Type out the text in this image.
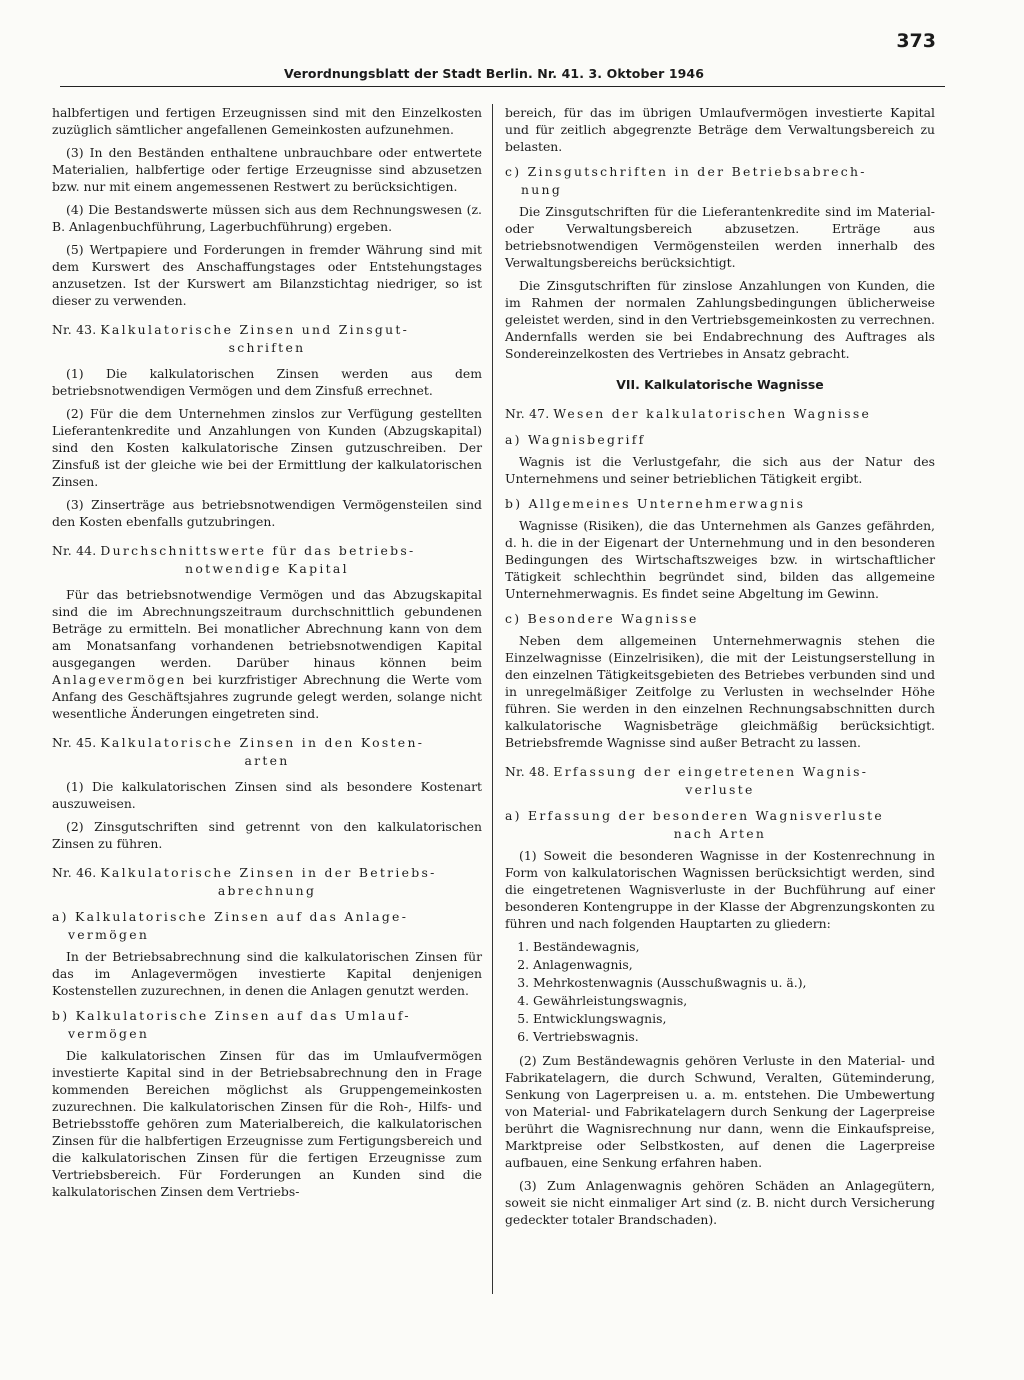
373
Verordnungsblatt der Stadt Berlin. Nr. 41. 3. Oktober 1946

halbfertigen und fertigen Erzeugnissen sind mit den Einzelkosten zuzüglich sämtlicher angefallenen Gemeinkosten aufzunehmen.

(3) In den Beständen enthaltene unbrauchbare oder entwertete Materialien, halbfertige oder fertige Erzeugnisse sind abzusetzen bzw. nur mit einem angemessenen Restwert zu berücksichtigen.

(4) Die Bestandswerte müssen sich aus dem Rechnungswesen (z. B. Anlagenbuchführung, Lagerbuchführung) ergeben.

(5) Wertpapiere und Forderungen in fremder Währung sind mit dem Kurswert des Anschaffungstages oder Entstehungstages anzusetzen. Ist der Kurswert am Bilanzstichtag niedriger, so ist dieser zu verwenden.

Nr. 43. Kalkulatorische Zinsen und Zinsgut-
schriften

(1) Die kalkulatorischen Zinsen werden aus dem betriebsnotwendigen Vermögen und dem Zinsfuß errechnet.

(2) Für die dem Unternehmen zinslos zur Verfügung gestellten Lieferantenkredite und Anzahlungen von Kunden (Abzugskapital) sind den Kosten kalkulatorische Zinsen gutzuschreiben. Der Zinsfuß ist der gleiche wie bei der Ermittlung der kalkulatorischen Zinsen.

(3) Zinserträge aus betriebsnotwendigen Vermögensteilen sind den Kosten ebenfalls gutzubringen.

Nr. 44. Durchschnittswerte für das betriebs-
notwendige Kapital

Für das betriebsnotwendige Vermögen und das Abzugskapital sind die im Abrechnungszeitraum durchschnittlich gebundenen Beträge zu ermitteln. Bei monatlicher Abrechnung kann von dem am Monatsanfang vorhandenen betriebsnotwendigen Kapital ausgegangen werden. Darüber hinaus können beim Anlagevermögen bei kurzfristiger Abrechnung die Werte vom Anfang des Geschäftsjahres zugrunde gelegt werden, solange nicht wesentliche Änderungen eingetreten sind.

Nr. 45. Kalkulatorische Zinsen in den Kosten-
arten

(1) Die kalkulatorischen Zinsen sind als besondere Kostenart auszuweisen.

(2) Zinsgutschriften sind getrennt von den kalkulatorischen Zinsen zu führen.

Nr. 46. Kalkulatorische Zinsen in der Betriebs-
abrechnung
a) Kalkulatorische Zinsen auf das Anlage-
vermögen

In der Betriebsabrechnung sind die kalkulatorischen Zinsen für das im Anlagevermögen investierte Kapital denjenigen Kostenstellen zuzurechnen, in denen die Anlagen genutzt werden.

b) Kalkulatorische Zinsen auf das Umlauf-
vermögen

Die kalkulatorischen Zinsen für das im Umlaufvermögen investierte Kapital sind in der Betriebsabrechnung den in Frage kommenden Bereichen möglichst als Gruppengemeinkosten zuzurechnen. Die kalkulatorischen Zinsen für die Roh-, Hilfs- und Betriebsstoffe gehören zum Materialbereich, die kalkulatorischen Zinsen für die halbfertigen Erzeugnisse zum Fertigungsbereich und die kalkulatorischen Zinsen für die fertigen Erzeugnisse zum Vertriebsbereich. Für Forderungen an Kunden sind die kalkulatorischen Zinsen dem Vertriebs-

bereich, für das im übrigen Umlaufvermögen investierte Kapital und für zeitlich abgegrenzte Beträge dem Verwaltungsbereich zu belasten.

c) Zinsgutschriften in der Betriebsabrech-
nung

Die Zinsgutschriften für die Lieferantenkredite sind im Material- oder Verwaltungsbereich abzusetzen. Erträge aus betriebsnotwendigen Vermögensteilen werden innerhalb des Verwaltungsbereichs berücksichtigt.

Die Zinsgutschriften für zinslose Anzahlungen von Kunden, die im Rahmen der normalen Zahlungsbedingungen üblicherweise geleistet werden, sind in den Vertriebsgemeinkosten zu verrechnen. Andernfalls werden sie bei Endabrechnung des Auftrages als Sondereinzelkosten des Vertriebes in Ansatz gebracht.

VII. Kalkulatorische Wagnisse
Nr. 47. Wesen der kalkulatorischen Wagnisse
a) Wagnisbegriff

Wagnis ist die Verlustgefahr, die sich aus der Natur des Unternehmens und seiner betrieblichen Tätigkeit ergibt.

b) Allgemeines Unternehmerwagnis

Wagnisse (Risiken), die das Unternehmen als Ganzes gefährden, d. h. die in der Eigenart der Unternehmung und in den besonderen Bedingungen des Wirtschaftszweiges bzw. in wirtschaftlicher Tätigkeit schlechthin begründet sind, bilden das allgemeine Unternehmerwagnis. Es findet seine Abgeltung im Gewinn.

c) Besondere Wagnisse

Neben dem allgemeinen Unternehmerwagnis stehen die Einzelwagnisse (Einzelrisiken), die mit der Leistungserstellung in den einzelnen Tätigkeitsgebieten des Betriebes verbunden sind und in unregelmäßiger Zeitfolge zu Verlusten in wechselnder Höhe führen. Sie werden in den einzelnen Rechnungsabschnitten durch kalkulatorische Wagnisbeträge gleichmäßig berücksichtigt. Betriebsfremde Wagnisse sind außer Betracht zu lassen.

Nr. 48. Erfassung der eingetretenen Wagnis-
verluste
a) Erfassung der besonderen Wagnisverluste
nach Arten

(1) Soweit die besonderen Wagnisse in der Kostenrechnung in Form von kalkulatorischen Wagnissen berücksichtigt werden, sind die eingetretenen Wagnisverluste in der Buchführung auf einer besonderen Kontengruppe in der Klasse der Abgrenzungskonten zu führen und nach folgenden Hauptarten zu gliedern:

1. Beständewagnis,
2. Anlagenwagnis,
3. Mehrkostenwagnis (Ausschußwagnis u. ä.),
4. Gewährleistungswagnis,
5. Entwicklungswagnis,
6. Vertriebswagnis.

(2) Zum Beständewagnis gehören Verluste in den Material- und Fabrikatelagern, die durch Schwund, Veralten, Güteminderung, Senkung von Lagerpreisen u. a. m. entstehen. Die Umbewertung von Material- und Fabrikatelagern durch Senkung der Lagerpreise berührt die Wagnisrechnung nur dann, wenn die Einkaufspreise, Marktpreise oder Selbstkosten, auf denen die Lagerpreise aufbauen, eine Senkung erfahren haben.

(3) Zum Anlagenwagnis gehören Schäden an Anlagegütern, soweit sie nicht einmaliger Art sind (z. B. nicht durch Versicherung gedeckter totaler Brandschaden).
